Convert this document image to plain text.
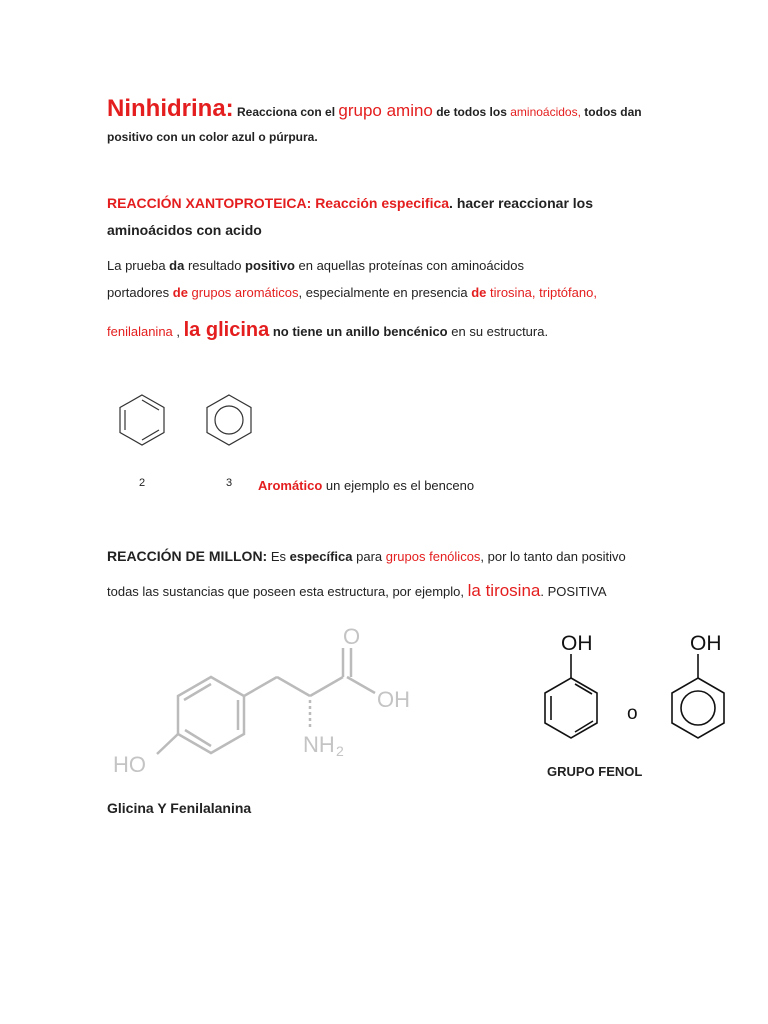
Ninhidrina: Reacciona con el grupo amino de todos los aminoácidos, todos dan
positivo con un color azul o púrpura.
REACCIÓN XANTOPROTEICA: Reacción especifica. hacer reaccionar los
aminoácidos con acido
La prueba da resultado positivo en aquellas proteínas con aminoácidos
portadores de grupos aromáticos, especialmente en presencia de tirosina, triptófano,
fenilalanina , la glicina no tiene un anillo bencénico en su estructura.
2	3 Aromático un ejemplo es el benceno
REACCIÓN DE MILLON: Es específica para grupos fenólicos, por lo tanto dan positivo
todas las sustancias que poseen esta estructura, por ejemplo, la tirosina. POSITIVA
O
OH
NH 2
HO
OH
o
OH
GRUPO FENOL
Glicina Y Fenilalanina
